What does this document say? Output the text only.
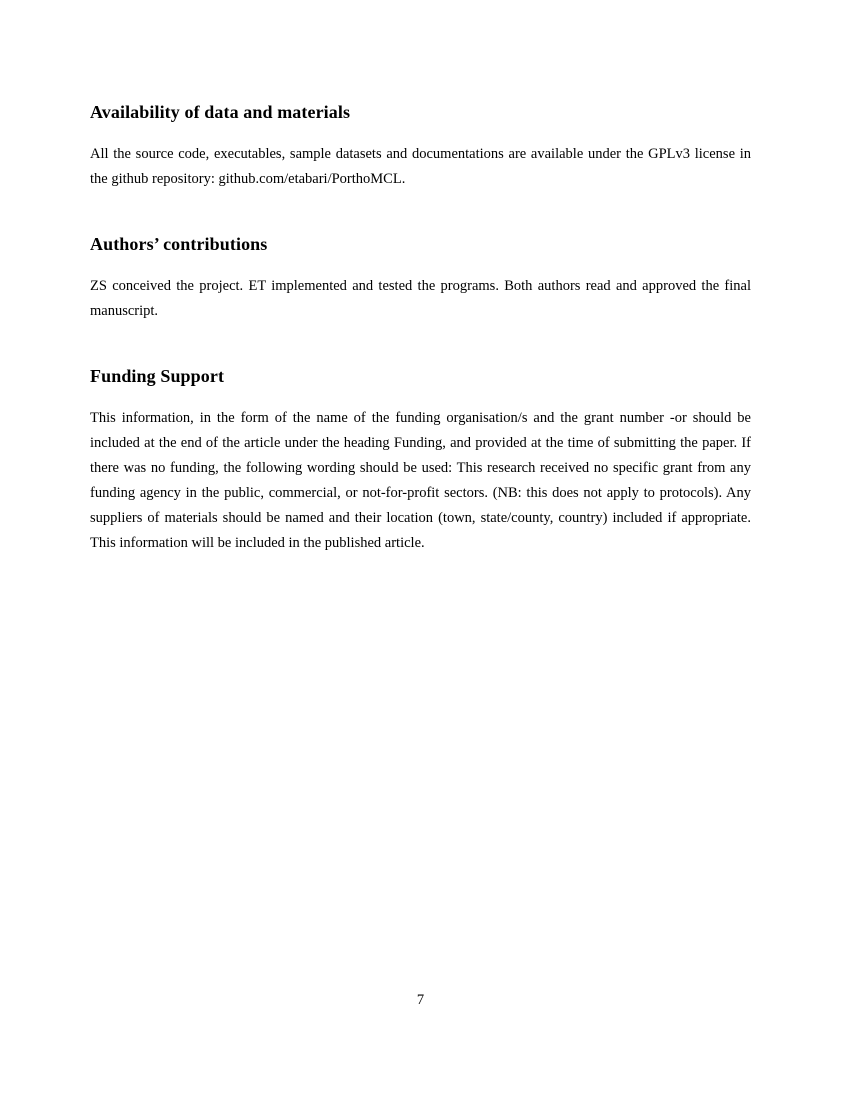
Availability of data and materials

All the source code, executables, sample datasets and documentations are available under the GPLv3 license in the github repository: github.com/etabari/PorthoMCL.

Authors’ contributions

ZS conceived the project. ET implemented and tested the programs. Both authors read and approved the final manuscript.

Funding Support

This information, in the form of the name of the funding organisation/s and the grant number -or should be included at the end of the article under the heading Funding, and provided at the time of submitting the paper. If there was no funding, the following wording should be used: This research received no specific grant from any funding agency in the public, commercial, or not-for-profit sectors. (NB: this does not apply to protocols). Any suppliers of materials should be named and their location (town, state/county, country) included if appropriate. This information will be included in the published article.

7
